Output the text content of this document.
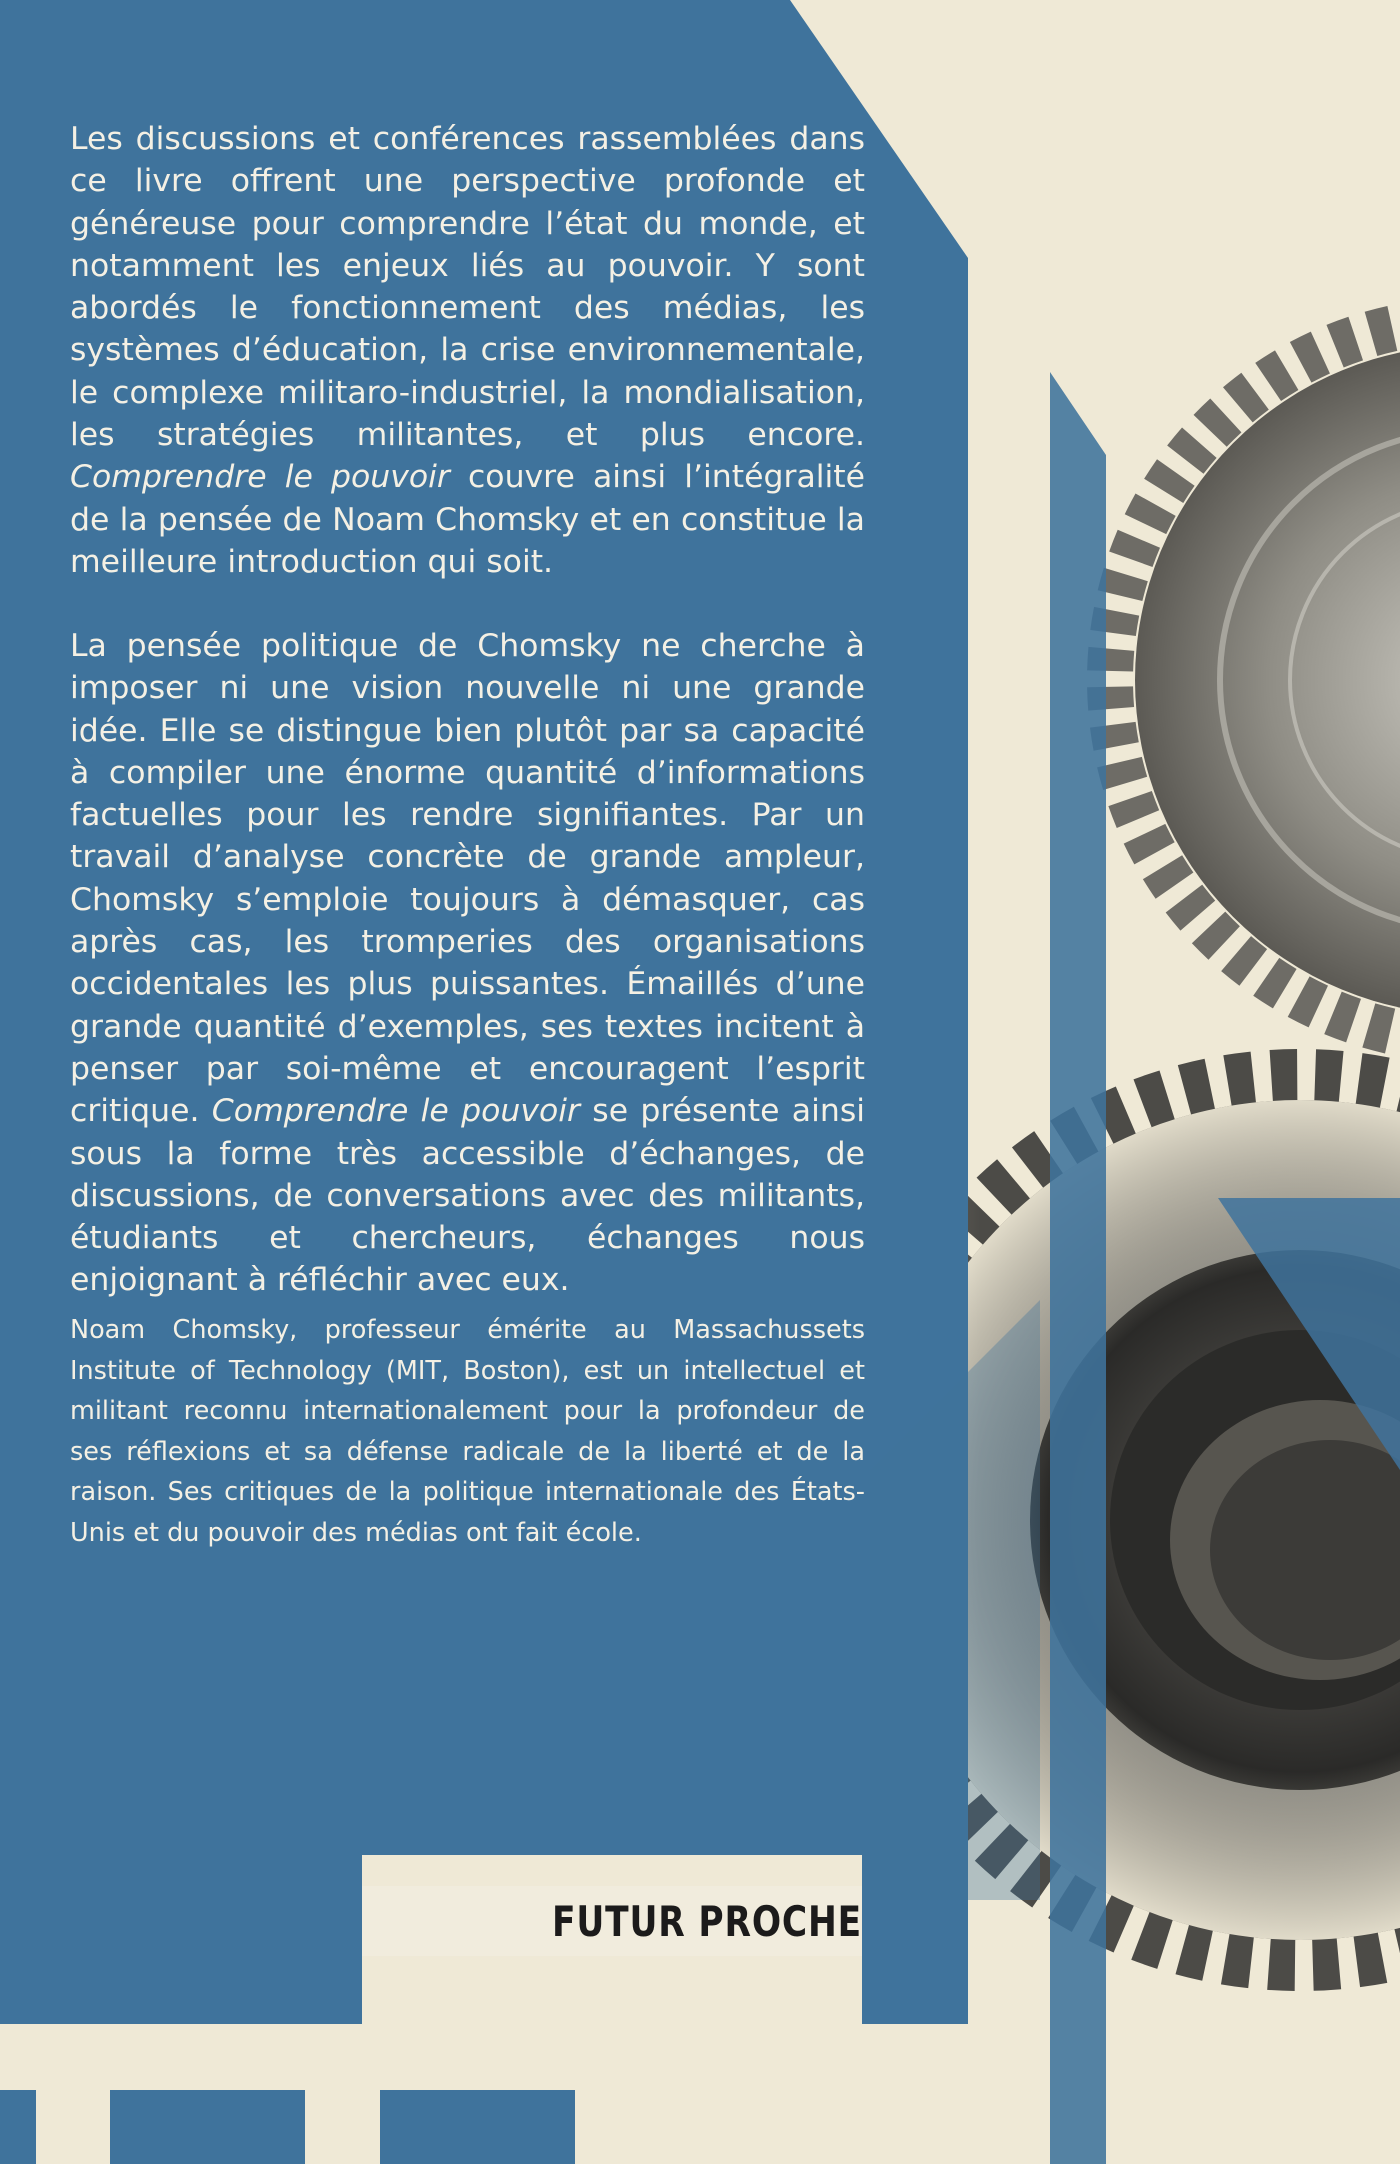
Les discussions et conférences rassemblées dans ce livre offrent une perspective profonde et généreuse pour comprendre l’état du monde, et notamment les enjeux liés au pouvoir. Y sont abordés le fonctionnement des médias, les systèmes d’éducation, la crise environnementale, le complexe militaro-industriel, la mondialisation, les stratégies militantes, et plus encore. Comprendre le pouvoir couvre ainsi l’intégralité de la pensée de Noam Chomsky et en constitue la meilleure introduction qui soit.
La pensée politique de Chomsky ne cherche à imposer ni une vision nouvelle ni une grande idée. Elle se distingue bien plutôt par sa capacité à compiler une énorme quantité d’informations factuelles pour les rendre signifiantes. Par un travail d’analyse concrète de grande ampleur, Chomsky s’emploie toujours à démasquer, cas après cas, les tromperies des organisations occidentales les plus puissantes. Émaillés d’une grande quantité d’exemples, ses textes incitent à penser par soi-même et encouragent l’esprit critique. Comprendre le pouvoir se présente ainsi sous la forme très accessible d’échanges, de discussions, de conversations avec des militants, étudiants et chercheurs, échanges nous enjoignant à réfléchir avec eux.
Noam Chomsky, professeur émérite au Massachussets Institute of Technology (MIT, Boston), est un intellectuel et militant reconnu internationalement pour la profondeur de ses réflexions et sa défense radicale de la liberté et de la raison. Ses critiques de la politique internationale des États-Unis et du pouvoir des médias ont fait école.
FUTUR PROCHE
